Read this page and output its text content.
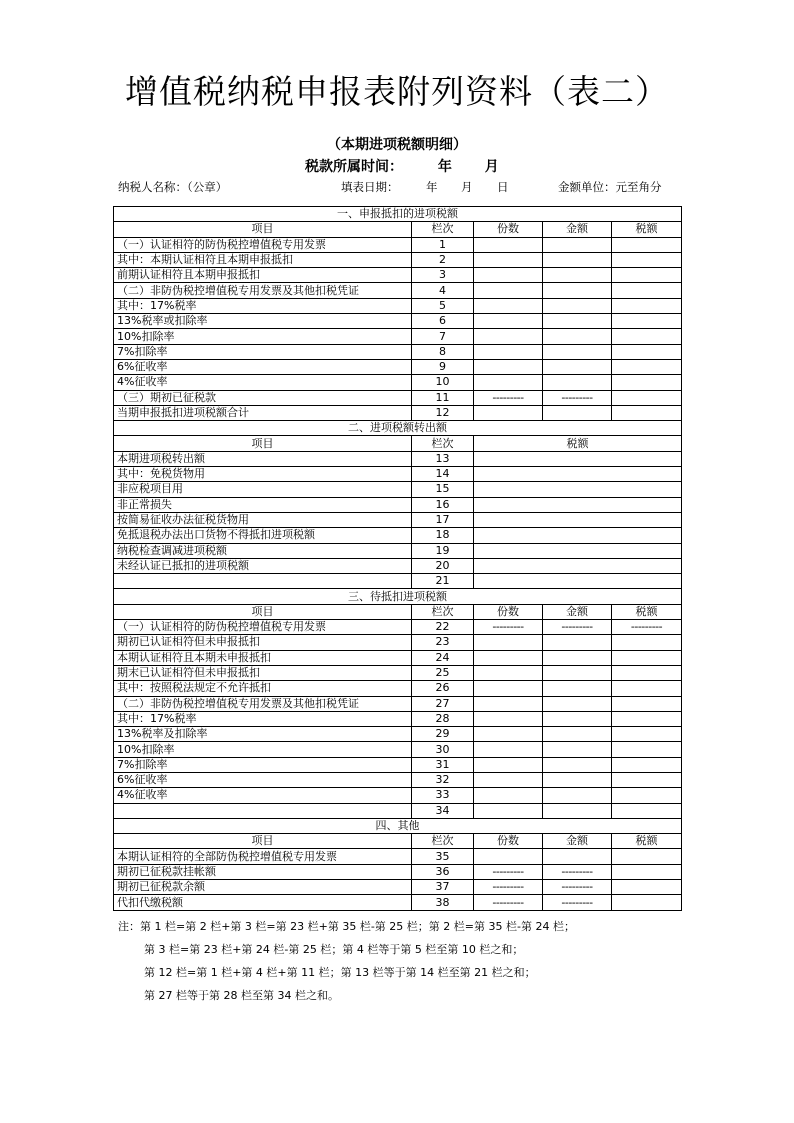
增值税纳税申报表附列资料（表二）
（本期进项税额明细）
税款所属时间： 年 月
纳税人名称：（公章）	填表日期： 年 月 日	金额单位：元至角分
一、申报抵扣的进项税额				
项目	栏次	份数	金额	税额
（一）认证相符的防伪税控增值税专用发票	1			
其中：本期认证相符且本期申报抵扣	2			
前期认证相符且本期申报抵扣	3			
（二）非防伪税控增值税专用发票及其他扣税凭证	4			
其中：17%税率	5			
13%税率或扣除率	6			
10%扣除率	7			
7%扣除率	8			
6%征收率	9			
4%征收率	10			
（三）期初已征税款	11	---------	---------	
当期申报抵扣进项税额合计	12			
二、进项税额转出额				
项目	栏次	税额		
本期进项税转出额	13			
其中：免税货物用	14			
非应税项目用	15			
非正常损失	16			
按简易征收办法征税货物用	17			
免抵退税办法出口货物不得抵扣进项税额	18			
纳税检查调减进项税额	19			
未经认证已抵扣的进项税额	20			
	21			
三、待抵扣进项税额				
项目	栏次	份数	金额	税额
（一）认证相符的防伪税控增值税专用发票	22	---------	---------	---------
期初已认证相符但未申报抵扣	23			
本期认证相符且本期未申报抵扣	24			
期末已认证相符但未申报抵扣	25			
其中：按照税法规定不允许抵扣	26			
（二）非防伪税控增值税专用发票及其他扣税凭证	27			
其中：17%税率	28			
13%税率及扣除率	29			
10%扣除率	30			
7%扣除率	31			
6%征收率	32			
4%征收率	33			
	34			
四、其他				
项目	栏次	份数	金额	税额
本期认证相符的全部防伪税控增值税专用发票	35			
期初已征税款挂帐额	36	---------	---------	
期初已征税款余额	37	---------	---------	
代扣代缴税额	38	---------	---------	
注：第 1 栏=第 2 栏+第 3 栏=第 23 栏+第 35 栏-第 25 栏；第 2 栏=第 35 栏-第 24 栏；
第 3 栏=第 23 栏+第 24 栏-第 25 栏；第 4 栏等于第 5 栏至第 10 栏之和；
第 12 栏=第 1 栏+第 4 栏+第 11 栏；第 13 栏等于第 14 栏至第 21 栏之和；
第 27 栏等于第 28 栏至第 34 栏之和。
